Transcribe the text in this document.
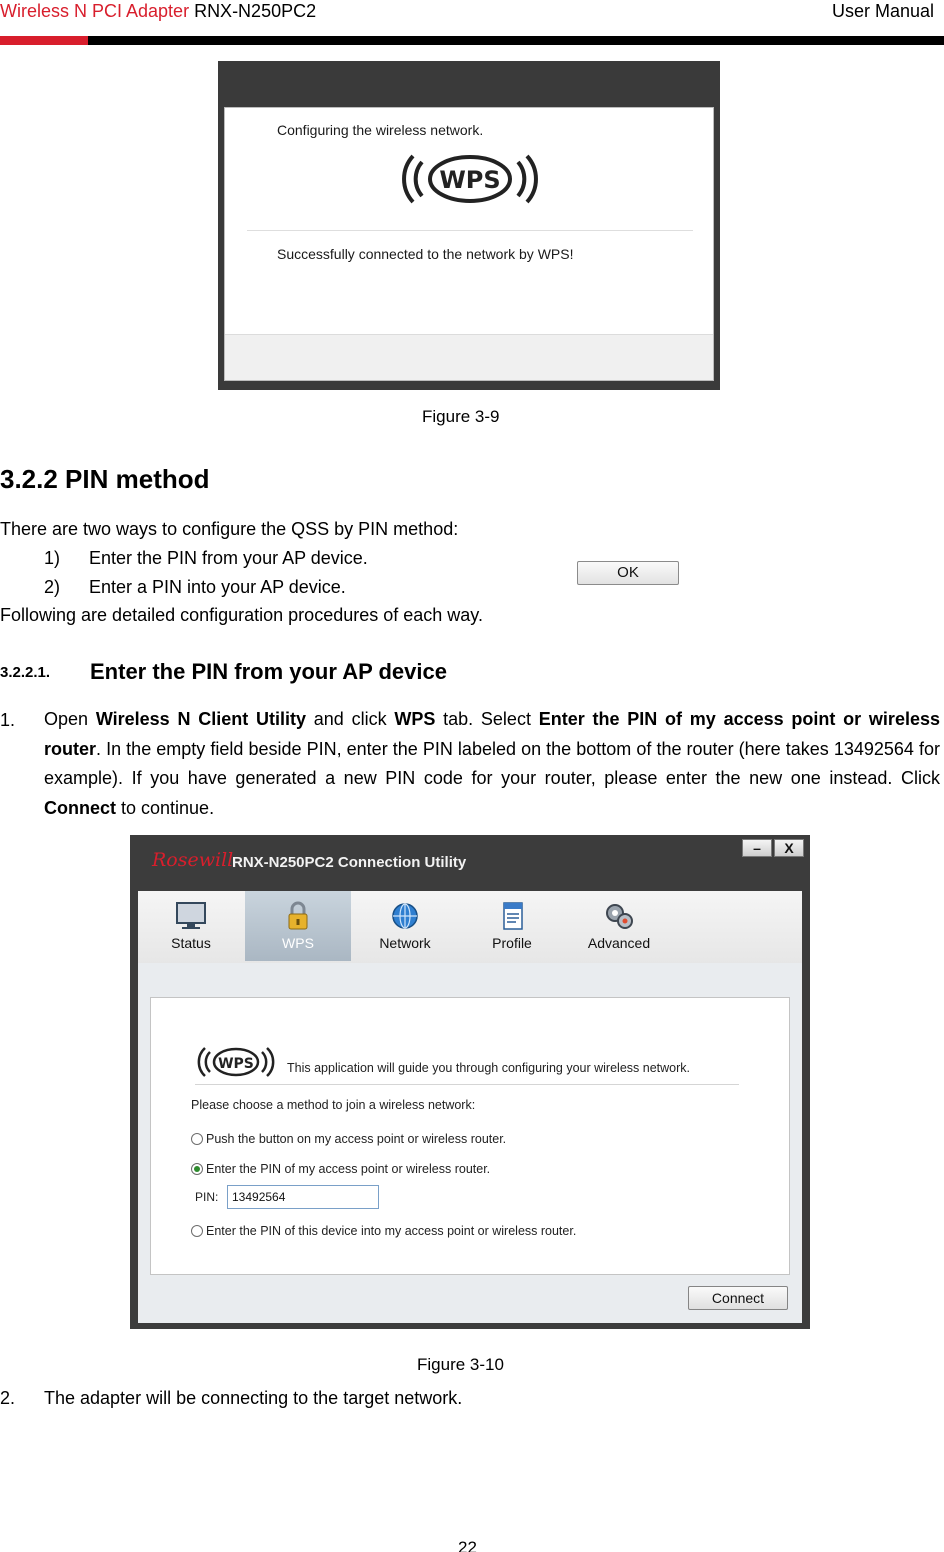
Wireless N PCI Adapter RNX-N250PC2	User Manual
Configuring the wireless network.
WPS
Successfully connected to the network by WPS!
OK
Figure 3-9
3.2.2 PIN method
There are two ways to configure the QSS by PIN method:
1) Enter the PIN from your AP device.
2) Enter a PIN into your AP device.
Following are detailed configuration procedures of each way.
3.2.2.1. Enter the PIN from your AP device
1. Open Wireless N Client Utility and click WPS tab. Select Enter the PIN of my access point or wireless router. In the empty field beside PIN, enter the PIN labeled on the bottom of the router (here takes 13492564 for example). If you have generated a new PIN code for your router, please enter the new one instead. Click Connect to continue.
Rosewill
RNX-N250PC2 Connection Utility
–	X
Status	WPS	Network	Profile	Advanced
WPS	This application will guide you through configuring your wireless network.
Please choose a method to join a wireless network:
Push the button on my access point or wireless router.
Enter the PIN of my access point or wireless router.
PIN:
13492564
Enter the PIN of this device into my access point or wireless router.
Connect
Figure 3-10
2. The adapter will be connecting to the target network.
22
